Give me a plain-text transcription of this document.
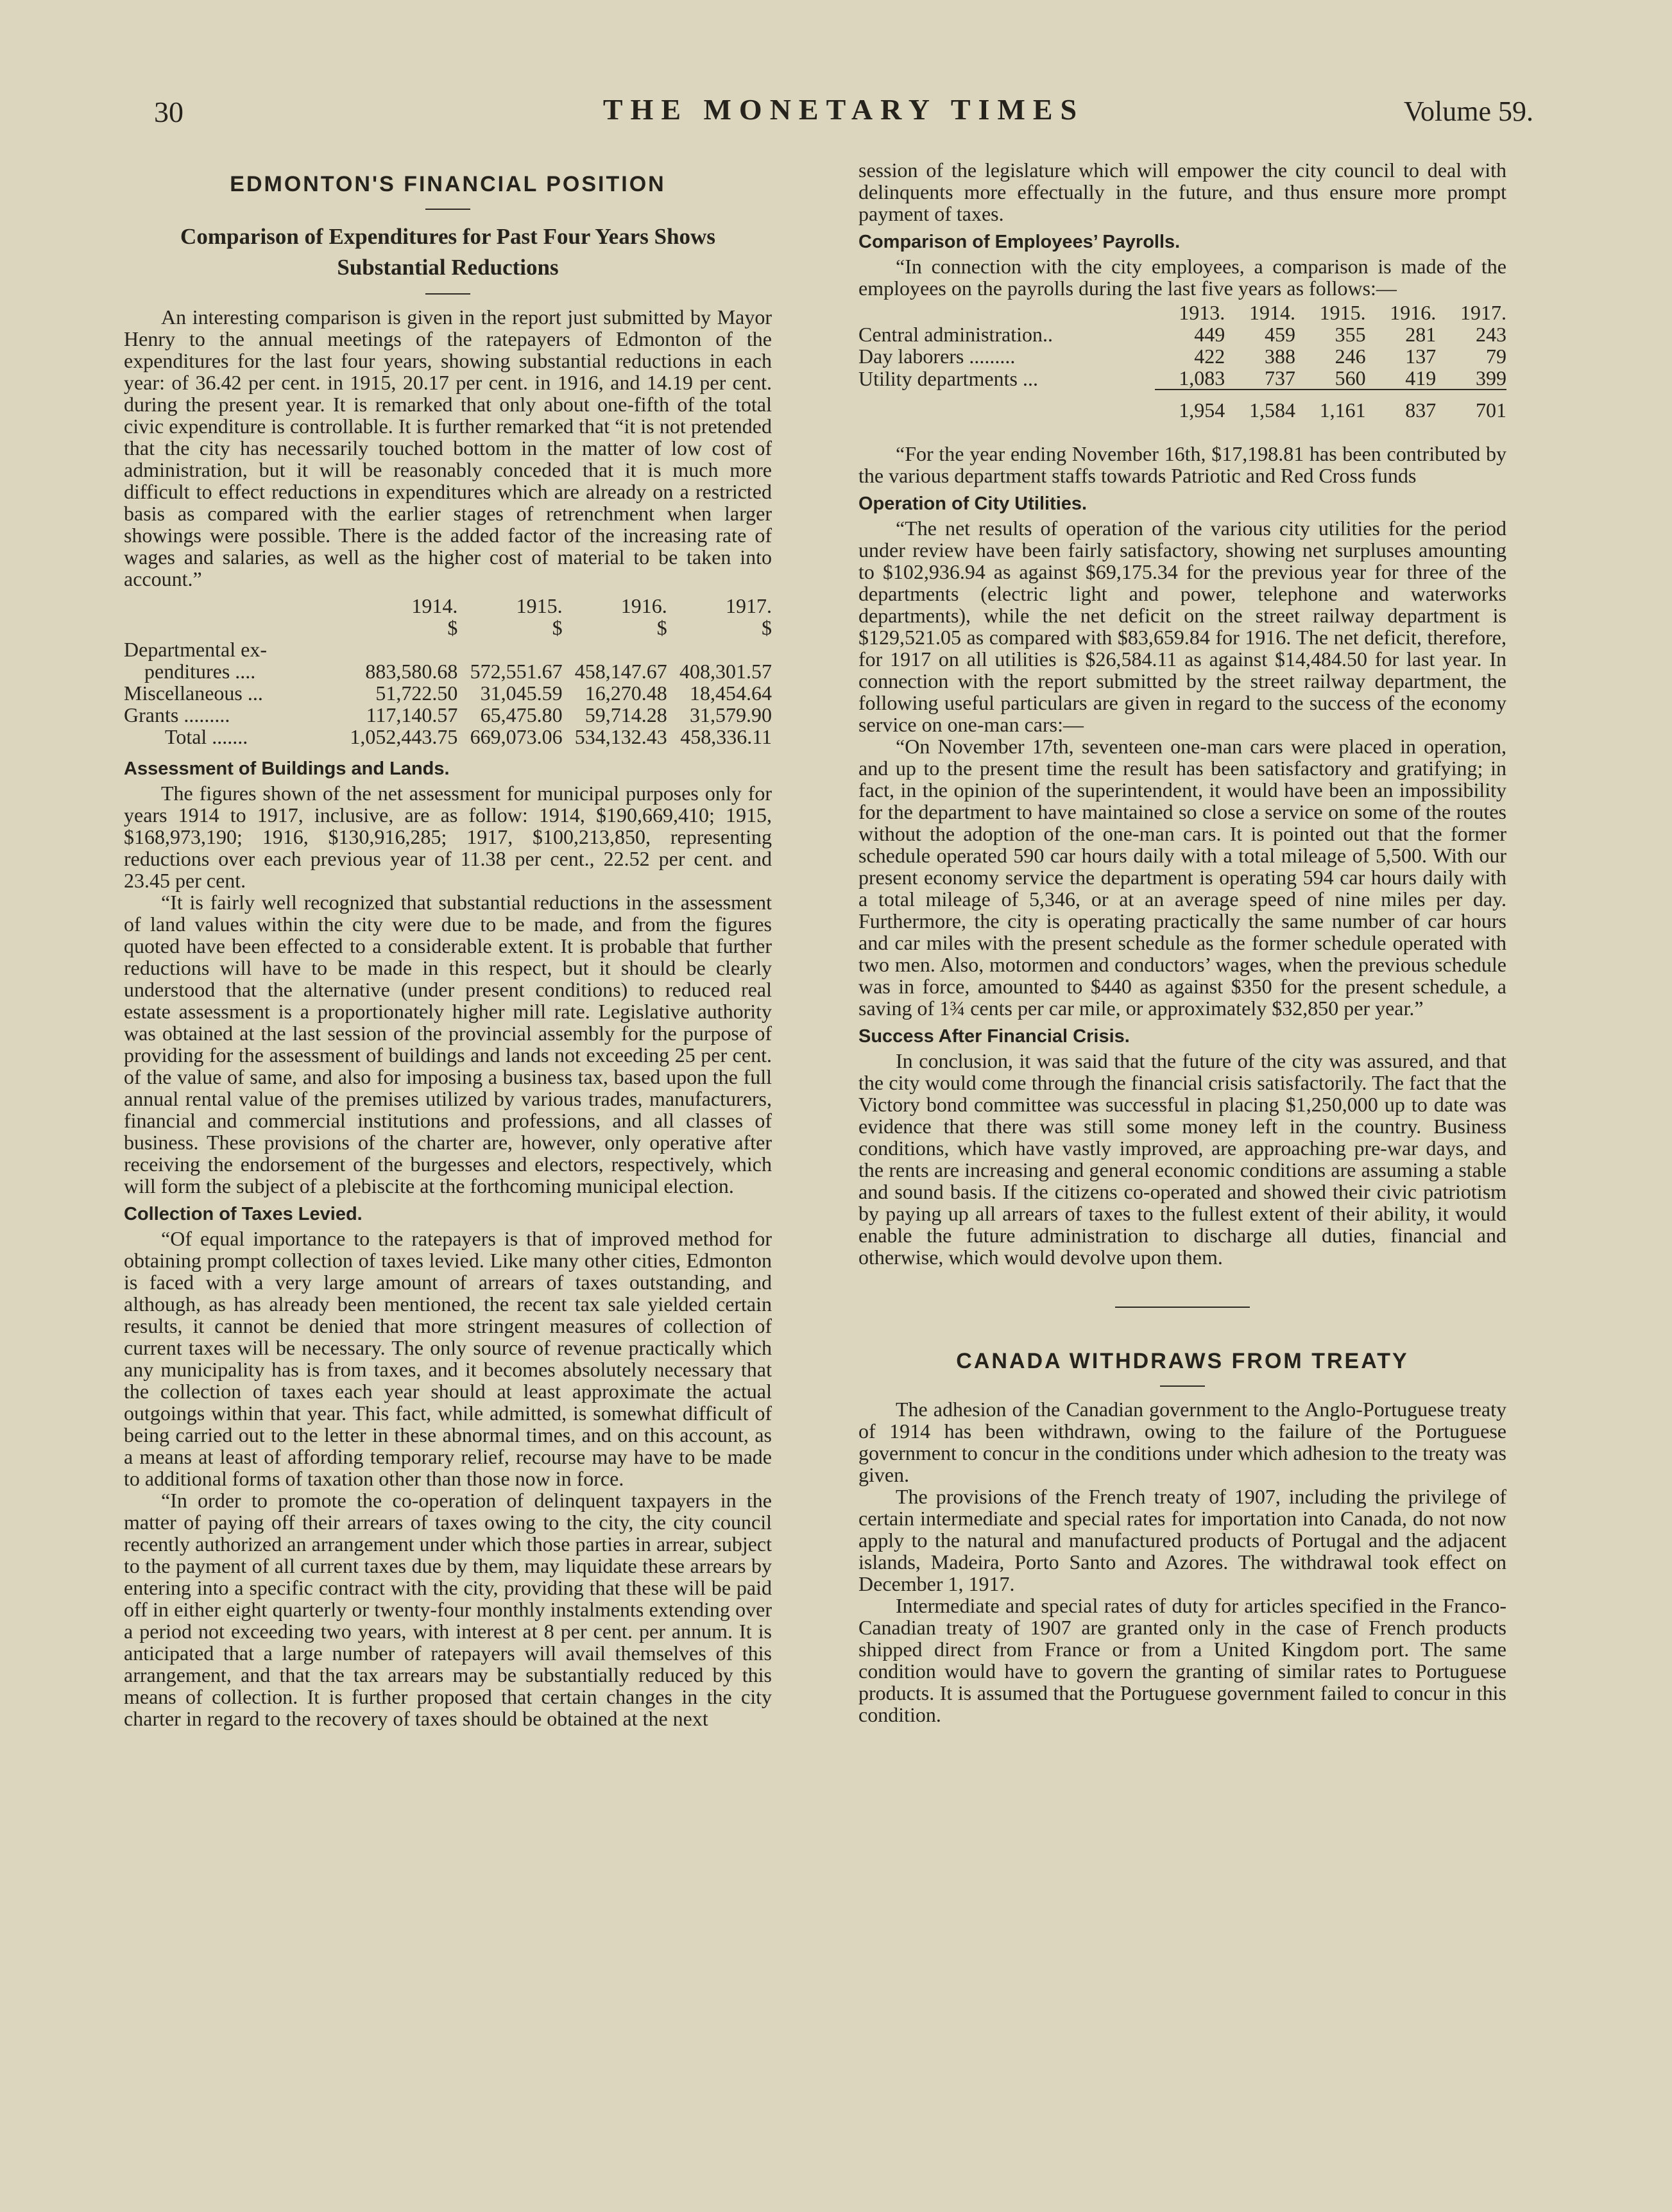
30	THE MONETARY TIMES	Volume 59.
EDMONTON'S FINANCIAL POSITION
Comparison of Expenditures for Past Four Years Shows Substantial Reductions

An interesting comparison is given in the report just submitted by Mayor Henry to the annual meetings of the ratepayers of Edmonton of the expenditures for the last four years, showing substantial reductions in each year: of 36.42 per cent. in 1915, 20.17 per cent. in 1916, and 14.19 per cent. during the present year. It is remarked that only about one-fifth of the total civic expenditure is controllable. It is further remarked that “it is not pretended that the city has necessarily touched bottom in the matter of low cost of administration, but it will be reasonably conceded that it is much more difficult to effect reductions in expenditures which are already on a restricted basis as compared with the earlier stages of retrenchment when larger showings were possible. There is the added factor of the increasing rate of wages and salaries, as well as the higher cost of material to be taken into account.”

	1914.	1915.	1916.	1917.
	$	$	$	$
Departmental ex-				
 penditures ....	883,580.68	572,551.67	458,147.67	408,301.57
Miscellaneous ...	51,722.50	31,045.59	16,270.48	18,454.64
Grants .........	117,140.57	65,475.80	59,714.28	31,579.90
  Total .......	1,052,443.75	669,073.06	534,132.43	458,336.11
Assessment of Buildings and Lands.

The figures shown of the net assessment for municipal purposes only for years 1914 to 1917, inclusive, are as follow: 1914, $190,669,410; 1915, $168,973,190; 1916, $130,916,285; 1917, $100,213,850, representing reductions over each previous year of 11.38 per cent., 22.52 per cent. and 23.45 per cent.

“It is fairly well recognized that substantial reductions in the assessment of land values within the city were due to be made, and from the figures quoted have been effected to a considerable extent. It is probable that further reductions will have to be made in this respect, but it should be clearly understood that the alternative (under present conditions) to reduced real estate assessment is a proportionately higher mill rate. Legislative authority was obtained at the last session of the provincial assembly for the purpose of providing for the assessment of buildings and lands not exceeding 25 per cent. of the value of same, and also for imposing a business tax, based upon the full annual rental value of the premises utilized by various trades, manufacturers, financial and commercial institutions and professions, and all classes of business. These provisions of the charter are, however, only operative after receiving the endorsement of the burgesses and electors, respectively, which will form the subject of a plebiscite at the forthcoming municipal election.

Collection of Taxes Levied.

“Of equal importance to the ratepayers is that of improved method for obtaining prompt collection of taxes levied. Like many other cities, Edmonton is faced with a very large amount of arrears of taxes outstanding, and although, as has already been mentioned, the recent tax sale yielded certain results, it cannot be denied that more stringent measures of collection of current taxes will be necessary. The only source of revenue practically which any municipality has is from taxes, and it becomes absolutely necessary that the collection of taxes each year should at least approximate the actual outgoings within that year. This fact, while admitted, is somewhat difficult of being carried out to the letter in these abnormal times, and on this account, as a means at least of affording temporary relief, recourse may have to be made to additional forms of taxation other than those now in force.

“In order to promote the co-operation of delinquent taxpayers in the matter of paying off their arrears of taxes owing to the city, the city council recently authorized an arrangement under which those parties in arrear, subject to the payment of all current taxes due by them, may liquidate these arrears by entering into a specific contract with the city, providing that these will be paid off in either eight quarterly or twenty-four monthly instalments extending over a period not exceeding two years, with interest at 8 per cent. per annum. It is anticipated that a large number of ratepayers will avail themselves of this arrangement, and that the tax arrears may be substantially reduced by this means of collection. It is further proposed that certain changes in the city charter in regard to the recovery of taxes should be obtained at the next

session of the legislature which will empower the city council to deal with delinquents more effectually in the future, and thus ensure more prompt payment of taxes.

Comparison of Employees’ Payrolls.

“In connection with the city employees, a comparison is made of the employees on the payrolls during the last five years as follows:—

	1913.	1914.	1915.	1916.	1917.
Central administration..	449	459	355	281	243
Day laborers .........	422	388	246	137	79
Utility departments ...	1,083	737	560	419	399
	1,954	1,584	1,161	837	701

“For the year ending November 16th, $17,198.81 has been contributed by the various department staffs towards Patriotic and Red Cross funds

Operation of City Utilities.

“The net results of operation of the various city utilities for the period under review have been fairly satisfactory, showing net surpluses amounting to $102,936.94 as against $69,175.34 for the previous year for three of the departments (electric light and power, telephone and waterworks departments), while the net deficit on the street railway department is $129,521.05 as compared with $83,659.84 for 1916. The net deficit, therefore, for 1917 on all utilities is $26,584.11 as against $14,484.50 for last year. In connection with the report submitted by the street railway department, the following useful particulars are given in regard to the success of the economy service on one-man cars:—

“On November 17th, seventeen one-man cars were placed in operation, and up to the present time the result has been satisfactory and gratifying; in fact, in the opinion of the superintendent, it would have been an impossibility for the department to have maintained so close a service on some of the routes without the adoption of the one-man cars. It is pointed out that the former schedule operated 590 car hours daily with a total mileage of 5,500. With our present economy service the department is operating 594 car hours daily with a total mileage of 5,346, or at an average speed of nine miles per day. Furthermore, the city is operating practically the same number of car hours and car miles with the present schedule as the former schedule operated with two men. Also, motormen and conductors’ wages, when the previous schedule was in force, amounted to $440 as against $350 for the present schedule, a saving of 1¾ cents per car mile, or approximately $32,850 per year.”

Success After Financial Crisis.

In conclusion, it was said that the future of the city was assured, and that the city would come through the financial crisis satisfactorily. The fact that the Victory bond committee was successful in placing $1,250,000 up to date was evidence that there was still some money left in the country. Business conditions, which have vastly improved, are approaching pre-war days, and the rents are increasing and general economic conditions are assuming a stable and sound basis. If the citizens co-operated and showed their civic patriotism by paying up all arrears of taxes to the fullest extent of their ability, it would enable the future administration to discharge all duties, financial and otherwise, which would devolve upon them.

CANADA WITHDRAWS FROM TREATY

The adhesion of the Canadian government to the Anglo-Portuguese treaty of 1914 has been withdrawn, owing to the failure of the Portuguese government to concur in the conditions under which adhesion to the treaty was given.

The provisions of the French treaty of 1907, including the privilege of certain intermediate and special rates for importation into Canada, do not now apply to the natural and manufactured products of Portugal and the adjacent islands, Madeira, Porto Santo and Azores. The withdrawal took effect on December 1, 1917.

Intermediate and special rates of duty for articles specified in the Franco-Canadian treaty of 1907 are granted only in the case of French products shipped direct from France or from a United Kingdom port. The same condition would have to govern the granting of similar rates to Portuguese products. It is assumed that the Portuguese government failed to concur in this condition.
